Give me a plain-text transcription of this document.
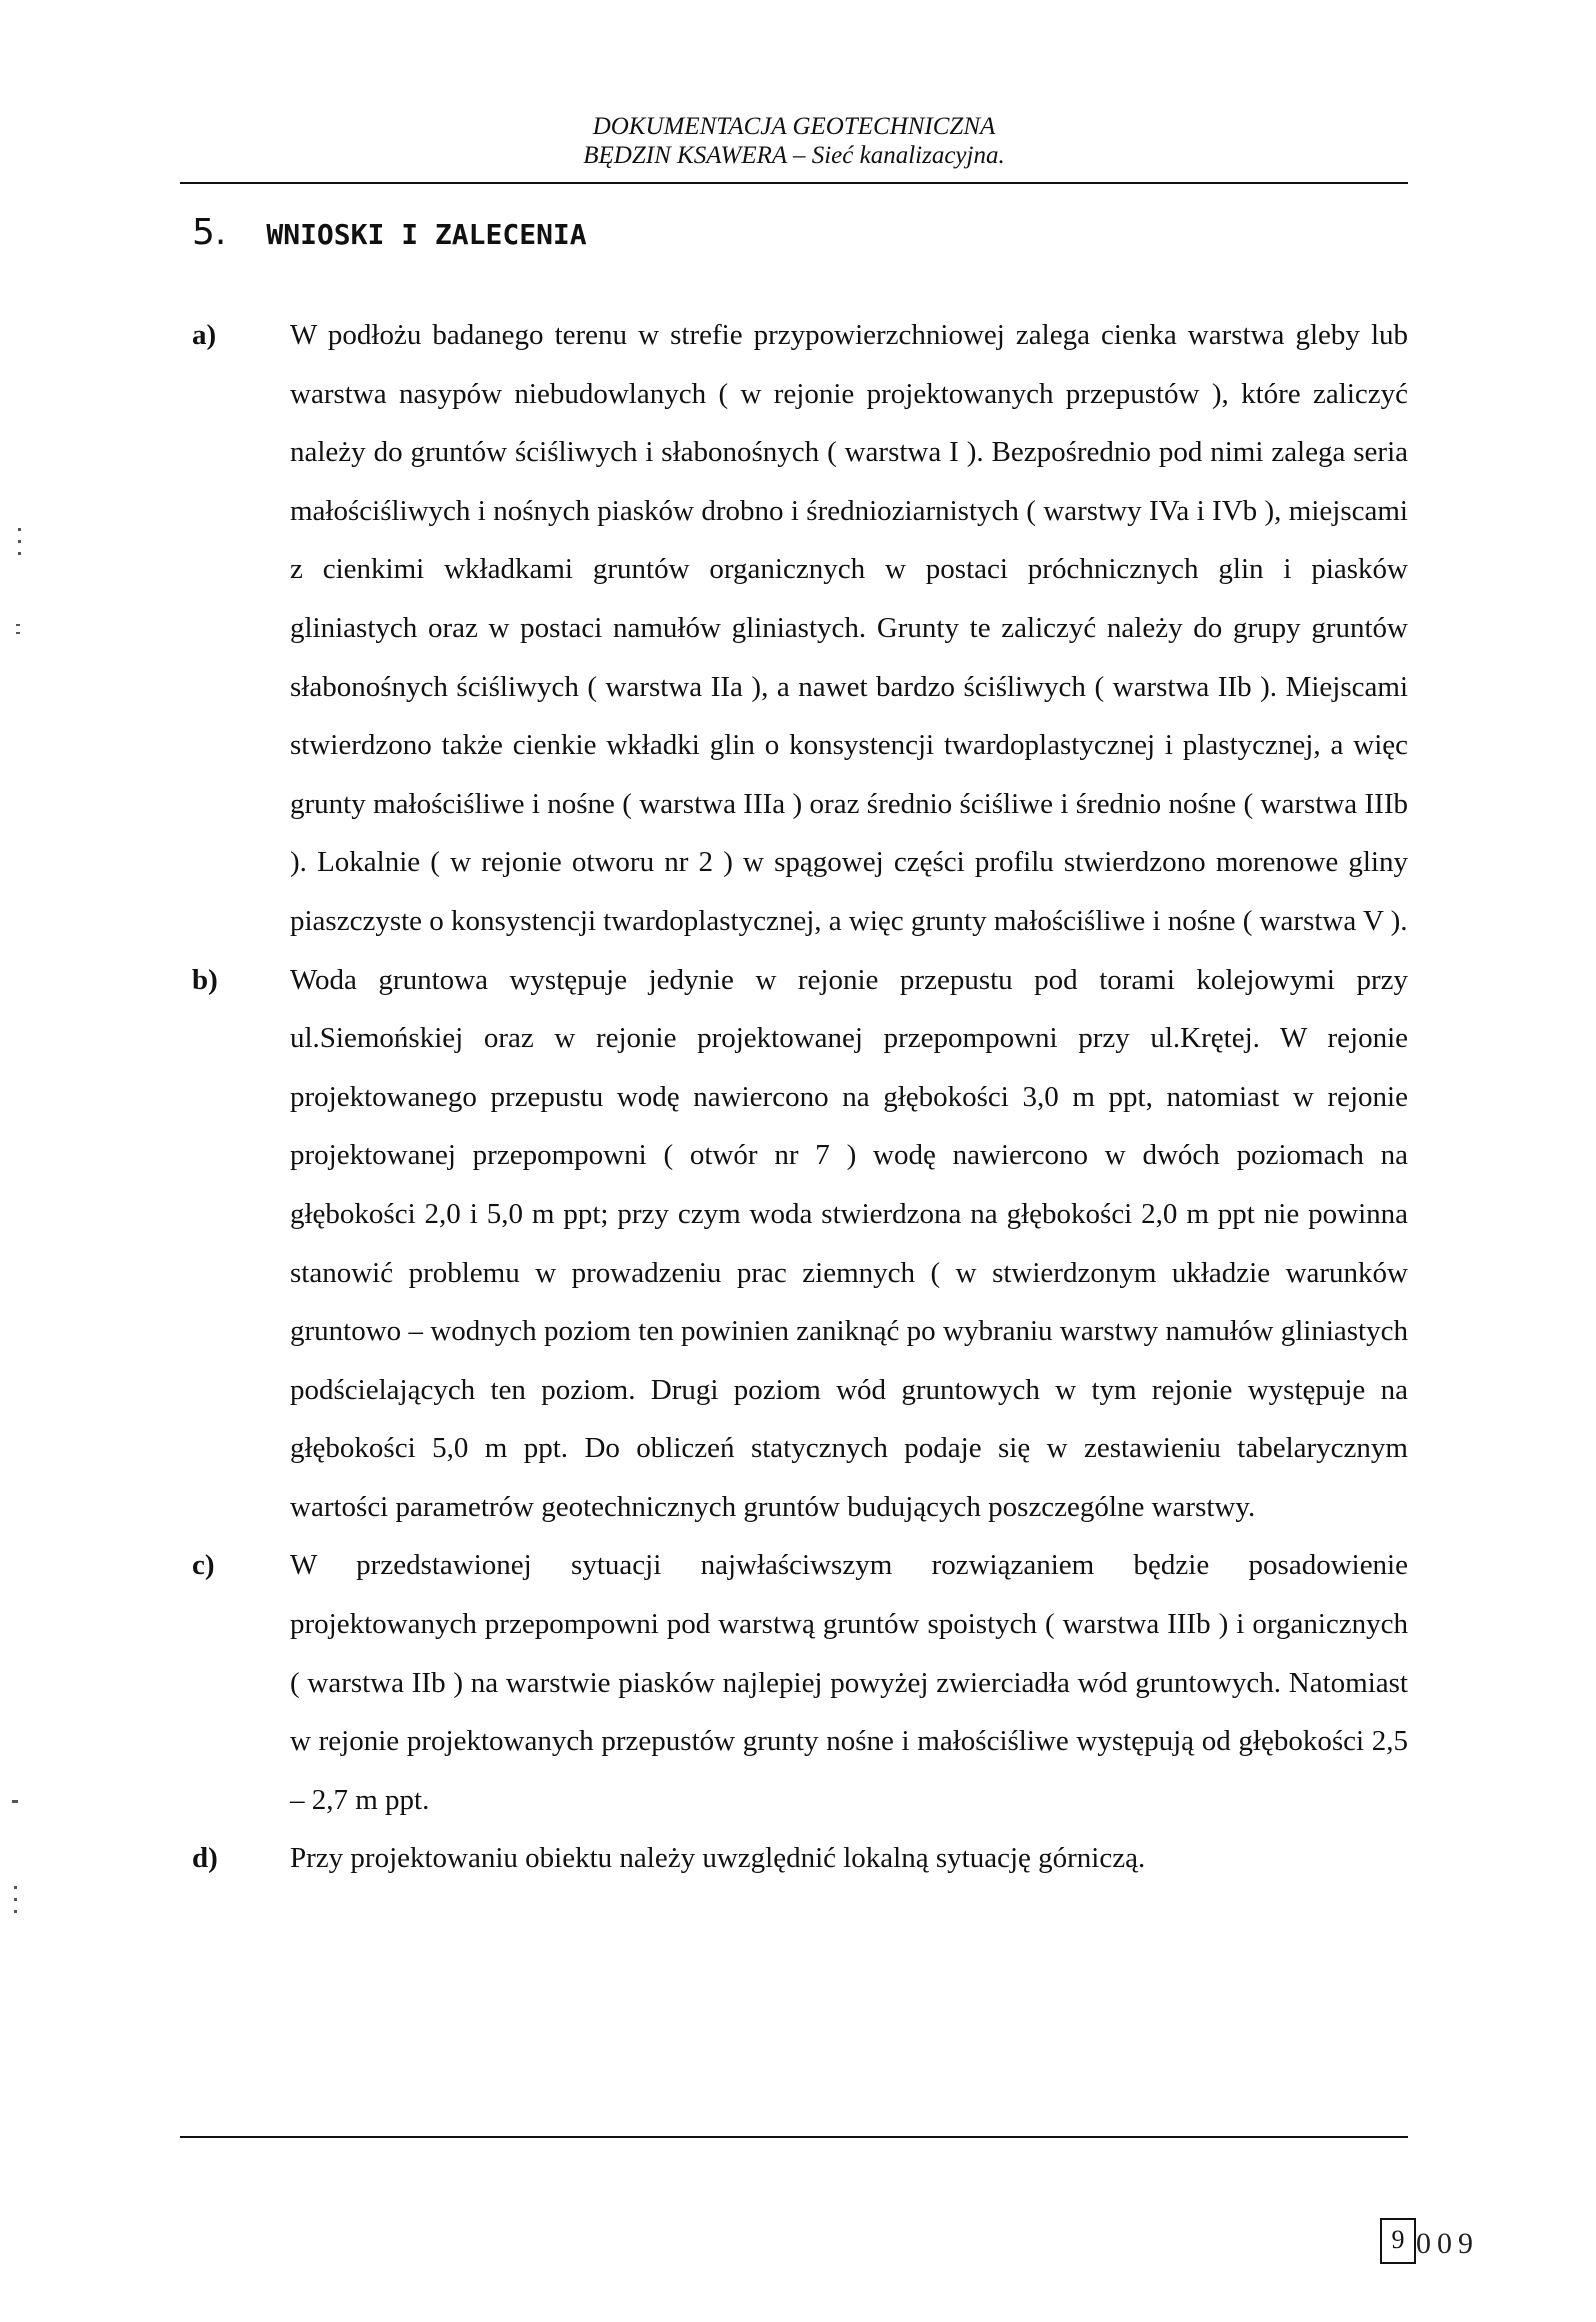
DOKUMENTACJA GEOTECHNICZNA

BĘDZIN KSAWERA – Sieć kanalizacyjna.
5. WNIOSKI I ZALECENIA
a)	W podłożu badanego terenu w strefie przypowierzchniowej zalega cienka warstwa gleby lub warstwa nasypów niebudowlanych ( w rejonie projektowanych przepustów ), które zaliczyć należy do gruntów ściśliwych i słabonośnych ( warstwa I ). Bezpośrednio pod nimi zalega seria małościśliwych i nośnych piasków drobno i średnioziarnistych ( warstwy IVa i IVb ), miejscami z cienkimi wkładkami gruntów organicznych w postaci próchnicznych glin i piasków gliniastych oraz w postaci namułów gliniastych. Grunty te zaliczyć należy do grupy gruntów słabonośnych ściśliwych ( warstwa IIa ), a nawet bardzo ściśliwych ( warstwa IIb ). Miejscami stwierdzono także cienkie wkładki glin o konsystencji twardoplastycznej i plastycznej, a więc grunty małościśliwe i nośne ( warstwa IIIa ) oraz średnio ściśliwe i średnio nośne ( warstwa IIIb ). Lokalnie ( w rejonie otworu nr 2 ) w spągowej części profilu stwierdzono morenowe gliny piaszczyste o konsystencji twardoplastycznej, a więc grunty małościśliwe i nośne ( warstwa V ).
b) Woda gruntowa występuje jedynie w rejonie przepustu pod torami kolejowymi przy ul.Siemońskiej oraz w rejonie projektowanej przepompowni przy ul.Krętej. W rejonie projektowanego przepustu wodę nawiercono na głębokości 3,0 m ppt, natomiast w rejonie projektowanej przepompowni ( otwór nr 7 ) wodę nawiercono w dwóch poziomach na głębokości 2,0 i 5,0 m ppt; przy czym woda stwierdzona na głębokości 2,0 m ppt nie powinna stanowić problemu w prowadzeniu prac ziemnych ( w stwierdzonym układzie warunków gruntowo – wodnych poziom ten powinien zaniknąć po wybraniu warstwy namułów gliniastych podścielających ten poziom. Drugi poziom wód gruntowych w tym rejonie występuje na głębokości 5,0 m ppt. Do obliczeń statycznych podaje się w zestawieniu tabelarycznym wartości parametrów geotechnicznych gruntów budujących poszczególne warstwy.
c)	W przedstawionej sytuacji najwłaściwszym rozwiązaniem będzie posadowienie projektowanych przepompowni pod warstwą gruntów spoistych ( warstwa IIIb ) i organicznych ( warstwa IIb ) na warstwie piasków najlepiej powyżej zwierciadła wód gruntowych. Natomiast w rejonie projektowanych przepustów grunty nośne i małościśliwe występują od głębokości 2,5 – 2,7 m ppt.
d) Przy projektowaniu obiektu należy uwzględnić lokalną sytuację górniczą.
9 009
